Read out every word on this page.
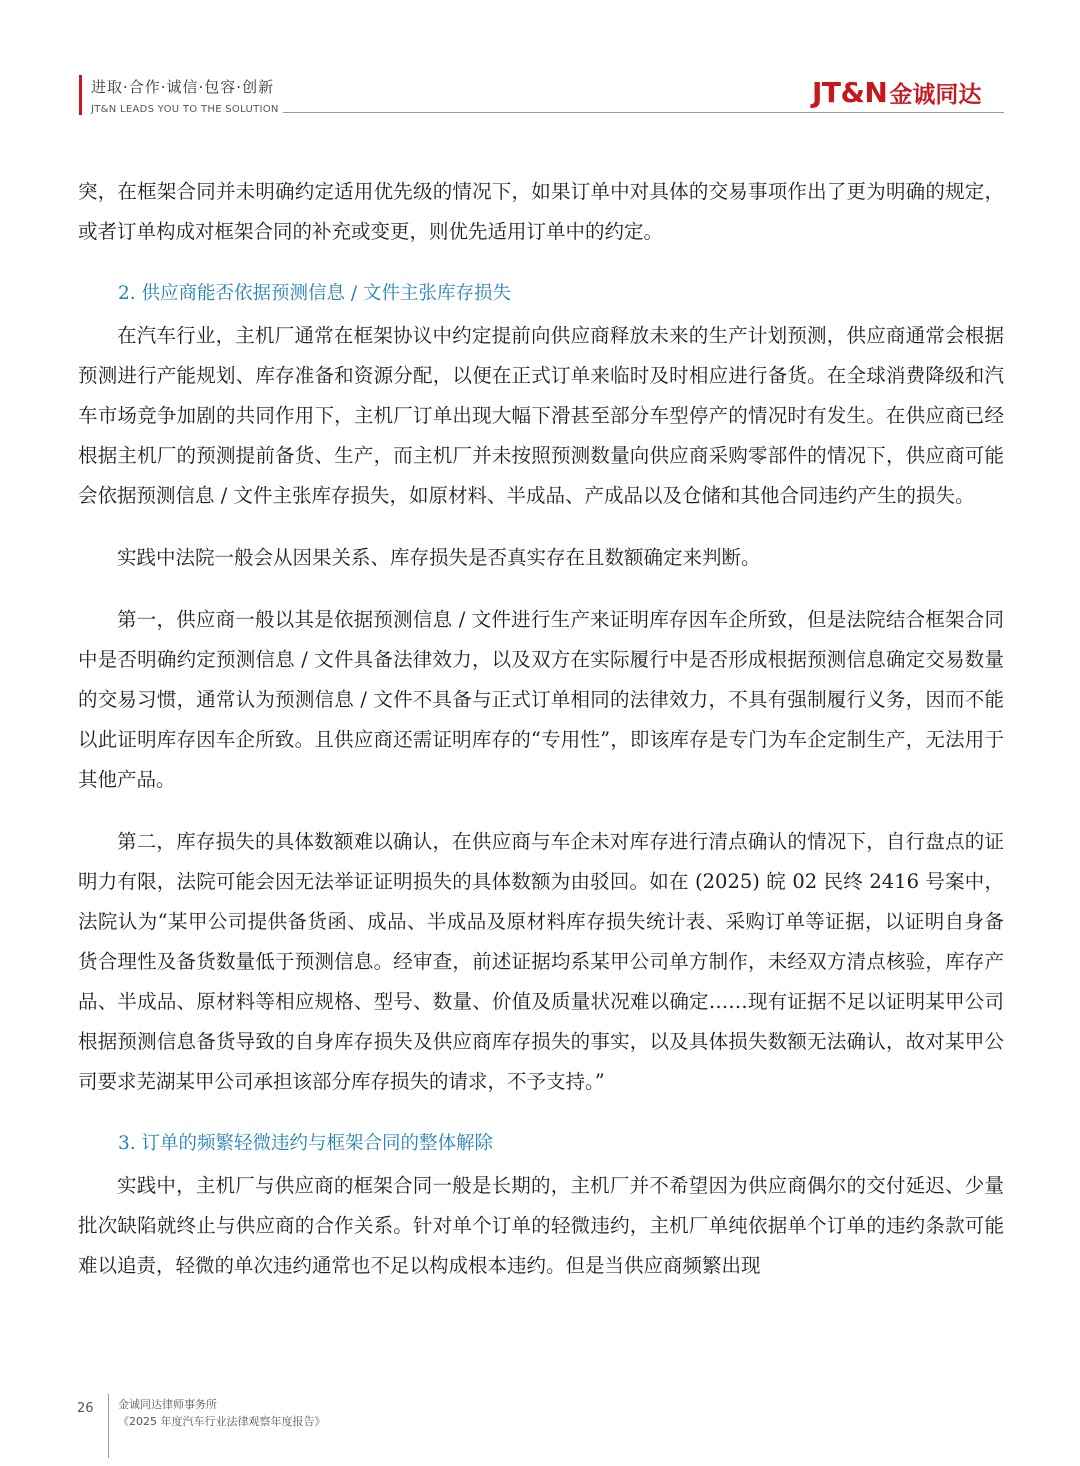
进取·合作·诚信·包容·创新
JT&N LEADS YOU TO THE SOLUTION
JT&N 金诚同达

突，在框架合同并未明确约定适用优先级的情况下，如果订单中对具体的交易事项作出了更为明确的规定，或者订单构成对框架合同的补充或变更，则优先适用订单中的约定。

2. 供应商能否依据预测信息 / 文件主张库存损失

在汽车行业，主机厂通常在框架协议中约定提前向供应商释放未来的生产计划预测，供应商通常会根据预测进行产能规划、库存准备和资源分配，以便在正式订单来临时及时相应进行备货。在全球消费降级和汽车市场竞争加剧的共同作用下，主机厂订单出现大幅下滑甚至部分车型停产的情况时有发生。在供应商已经根据主机厂的预测提前备货、生产，而主机厂并未按照预测数量向供应商采购零部件的情况下，供应商可能会依据预测信息 / 文件主张库存损失，如原材料、半成品、产成品以及仓储和其他合同违约产生的损失。

实践中法院一般会从因果关系、库存损失是否真实存在且数额确定来判断。

第一，供应商一般以其是依据预测信息 / 文件进行生产来证明库存因车企所致，但是法院结合框架合同中是否明确约定预测信息 / 文件具备法律效力，以及双方在实际履行中是否形成根据预测信息确定交易数量的交易习惯，通常认为预测信息 / 文件不具备与正式订单相同的法律效力，不具有强制履行义务，因而不能以此证明库存因车企所致。且供应商还需证明库存的“专用性”，即该库存是专门为车企定制生产，无法用于其他产品。

第二，库存损失的具体数额难以确认，在供应商与车企未对库存进行清点确认的情况下，自行盘点的证明力有限，法院可能会因无法举证证明损失的具体数额为由驳回。如在 (2025) 皖 02 民终 2416 号案中，法院认为“某甲公司提供备货函、成品、半成品及原材料库存损失统计表、采购订单等证据，以证明自身备货合理性及备货数量低于预测信息。经审查，前述证据均系某甲公司单方制作，未经双方清点核验，库存产品、半成品、原材料等相应规格、型号、数量、价值及质量状况难以确定……现有证据不足以证明某甲公司根据预测信息备货导致的自身库存损失及供应商库存损失的事实，以及具体损失数额无法确认，故对某甲公司要求芜湖某甲公司承担该部分库存损失的请求，不予支持。”

3. 订单的频繁轻微违约与框架合同的整体解除

实践中，主机厂与供应商的框架合同一般是长期的，主机厂并不希望因为供应商偶尔的交付延迟、少量批次缺陷就终止与供应商的合作关系。针对单个订单的轻微违约，主机厂单纯依据单个订单的违约条款可能难以追责，轻微的单次违约通常也不足以构成根本违约。但是当供应商频繁出现

26 金诚同达律师事务所
《2025 年度汽车行业法律观察年度报告》
